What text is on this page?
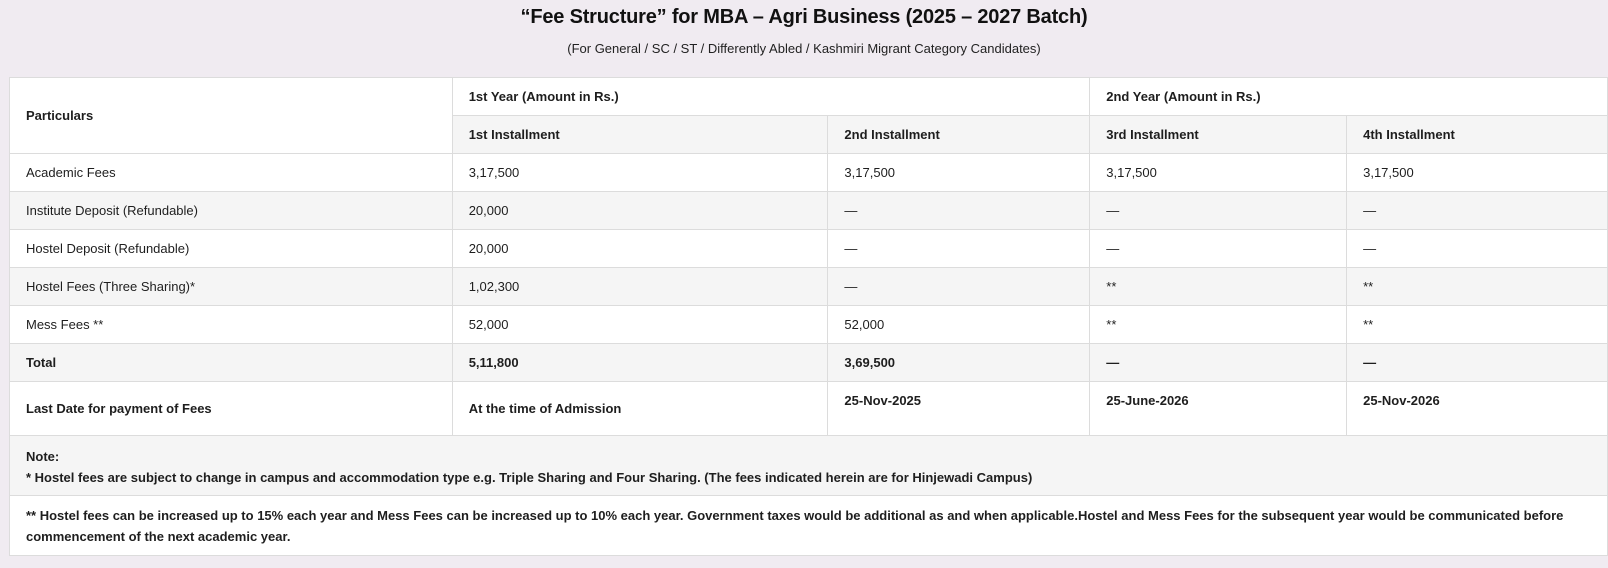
“Fee Structure” for MBA – Agri Business (2025 – 2027 Batch)
(For General / SC / ST / Differently Abled / Kashmiri Migrant Category Candidates)
Particulars	1st Year (Amount in Rs.)		2nd Year (Amount in Rs.)	
	1st Installment	2nd Installment	3rd Installment	4th Installment
Academic Fees	3,17,500	3,17,500	3,17,500	3,17,500
Institute Deposit (Refundable)	20,000	—	—	—
Hostel Deposit (Refundable)	20,000	—	—	—
Hostel Fees (Three Sharing)*	1,02,300	—	**	**
Mess Fees **	52,000	52,000	**	**
Total	5,11,800	3,69,500	—	—
Last Date for payment of Fees	At the time of Admission	25-Nov-2025	25-June-2026	25-Nov-2026

Note:
* Hostel fees are subject to change in campus and accommodation type e.g. Triple Sharing and Four Sharing. (The fees indicated herein are for Hinjewadi Campus)				

** Hostel fees can be increased up to 15% each year and Mess Fees can be increased up to 10% each year. Government taxes would be additional as and when applicable.Hostel and Mess Fees for the subsequent year would be communicated before commencement of the next academic year.				
